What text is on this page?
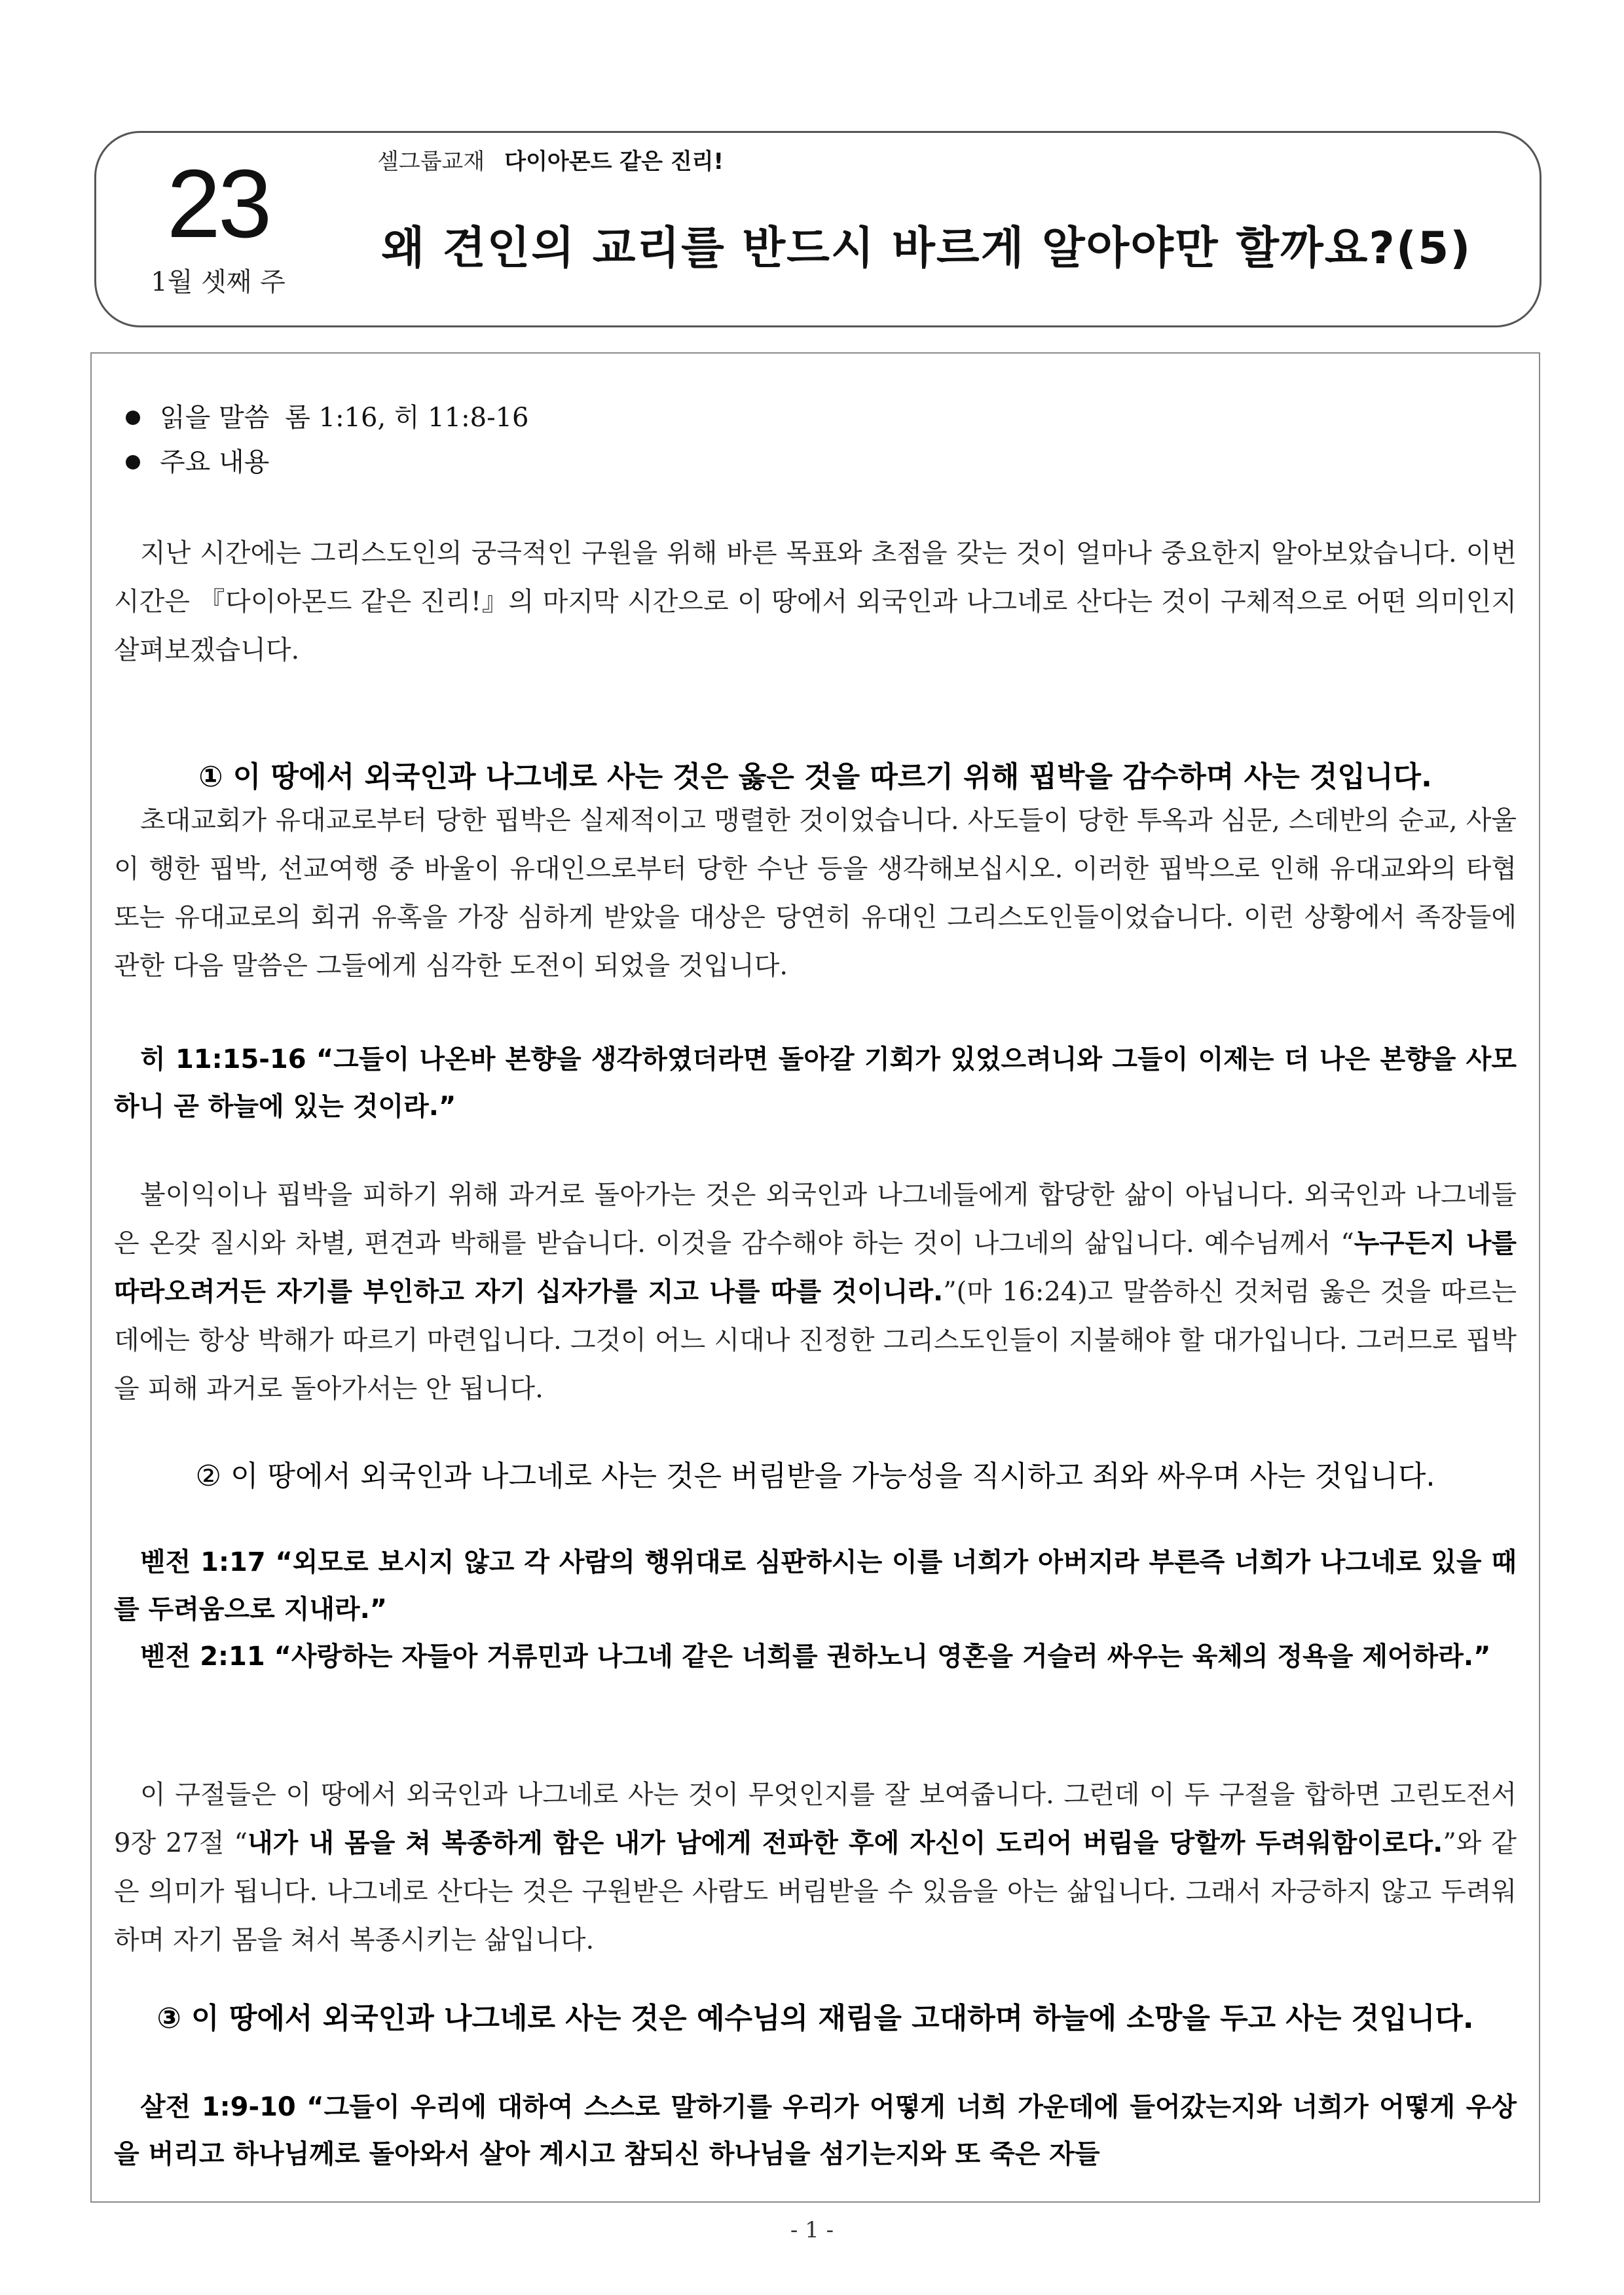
23
1월 셋째 주
셀그룹교재 다이아몬드 같은 진리!
왜 견인의 교리를 반드시 바르게 알아야만 할까요?(5)
읽을 말씀 롬 1:16, 히 11:8-16
주요 내용

지난 시간에는 그리스도인의 궁극적인 구원을 위해 바른 목표와 초점을 갖는 것이 얼마나 중요한지 알아보았습니다. 이번 시간은 『다이아몬드 같은 진리!』의 마지막 시간으로 이 땅에서 외국인과 나그네로 산다는 것이 구체적으로 어떤 의미인지 살펴보겠습니다.

① 이 땅에서 외국인과 나그네로 사는 것은 옳은 것을 따르기 위해 핍박을 감수하며 사는 것입니다.

초대교회가 유대교로부터 당한 핍박은 실제적이고 맹렬한 것이었습니다. 사도들이 당한 투옥과 심문, 스데반의 순교, 사울이 행한 핍박, 선교여행 중 바울이 유대인으로부터 당한 수난 등을 생각해보십시오. 이러한 핍박으로 인해 유대교와의 타협 또는 유대교로의 회귀 유혹을 가장 심하게 받았을 대상은 당연히 유대인 그리스도인들이었습니다. 이런 상황에서 족장들에 관한 다음 말씀은 그들에게 심각한 도전이 되었을 것입니다.

히 11:15-16 “그들이 나온바 본향을 생각하였더라면 돌아갈 기회가 있었으려니와 그들이 이제는 더 나은 본향을 사모하니 곧 하늘에 있는 것이라.”

불이익이나 핍박을 피하기 위해 과거로 돌아가는 것은 외국인과 나그네들에게 합당한 삶이 아닙니다. 외국인과 나그네들은 온갖 질시와 차별, 편견과 박해를 받습니다. 이것을 감수해야 하는 것이 나그네의 삶입니다. 예수님께서 “누구든지 나를 따라오려거든 자기를 부인하고 자기 십자가를 지고 나를 따를 것이니라.”(마 16:24)고 말씀하신 것처럼 옳은 것을 따르는 데에는 항상 박해가 따르기 마련입니다. 그것이 어느 시대나 진정한 그리스도인들이 지불해야 할 대가입니다. 그러므로 핍박을 피해 과거로 돌아가서는 안 됩니다.

② 이 땅에서 외국인과 나그네로 사는 것은 버림받을 가능성을 직시하고 죄와 싸우며 사는 것입니다.

벧전 1:17 “외모로 보시지 않고 각 사람의 행위대로 심판하시는 이를 너희가 아버지라 부른즉 너희가 나그네로 있을 때를 두려움으로 지내라.”

벧전 2:11 “사랑하는 자들아 거류민과 나그네 같은 너희를 권하노니 영혼을 거슬러 싸우는 육체의 정욕을 제어하라.”

이 구절들은 이 땅에서 외국인과 나그네로 사는 것이 무엇인지를 잘 보여줍니다. 그런데 이 두 구절을 합하면 고린도전서 9장 27절 “내가 내 몸을 쳐 복종하게 함은 내가 남에게 전파한 후에 자신이 도리어 버림을 당할까 두려워함이로다.”와 같은 의미가 됩니다. 나그네로 산다는 것은 구원받은 사람도 버림받을 수 있음을 아는 삶입니다. 그래서 자긍하지 않고 두려워하며 자기 몸을 쳐서 복종시키는 삶입니다.

③ 이 땅에서 외국인과 나그네로 사는 것은 예수님의 재림을 고대하며 하늘에 소망을 두고 사는 것입니다.

살전 1:9-10 “그들이 우리에 대하여 스스로 말하기를 우리가 어떻게 너희 가운데에 들어갔는지와 너희가 어떻게 우상을 버리고 하나님께로 돌아와서 살아 계시고 참되신 하나님을 섬기는지와 또 죽은 자들

- 1 -
